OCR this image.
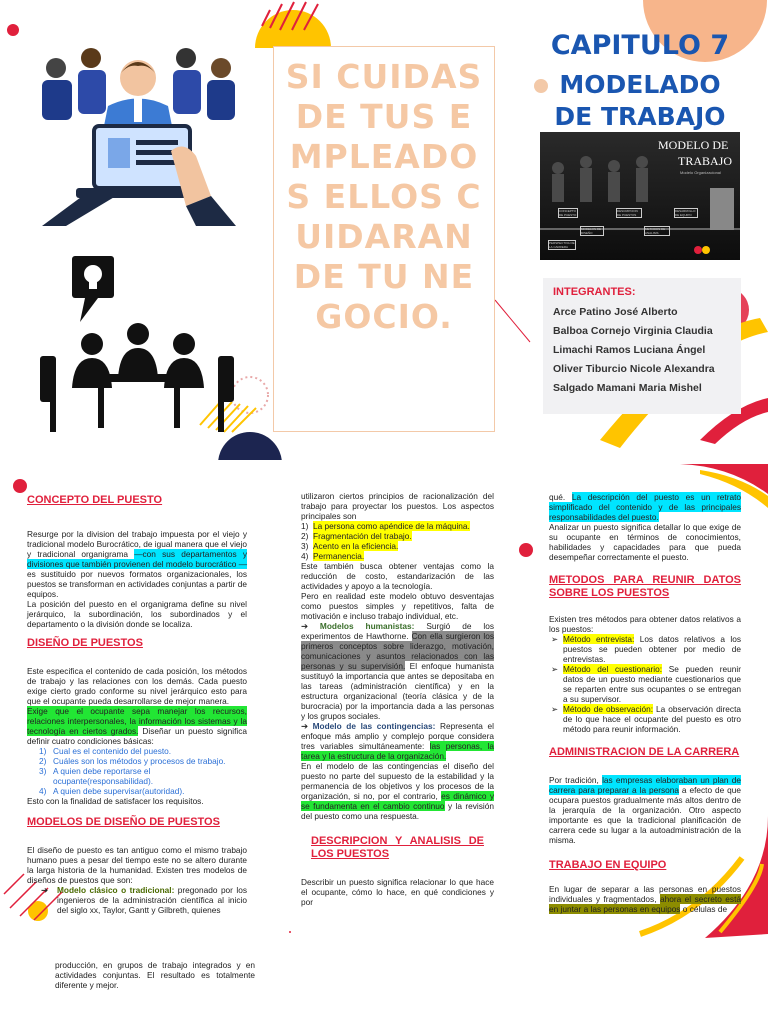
SI CUIDAS DE TUS EMPLEADOS ELLOS CUIDARAN DE TU NEGOCIO.
CAPITULO 7
MODELADO
DE TRABAJO
MODELO DE
TRABAJO
Modelo Organizacional
CONCEPTO DE PUESTO
DESCRIPCION DE PUESTOS
DESARROLLO DE EQUIPO
MODELOS DE DISEÑO
METODOS DE ANALISIS
PERSPECTIVA DE LA CARRERA
INTEGRANTES:
Arce Patino José Alberto
Balboa Cornejo Virginia Claudia
Limachi Ramos Luciana Ángel
Oliver Tiburcio Nicole Alexandra
Salgado Mamani Maria Mishel

CONCEPTO DEL PUESTO

Resurge por la division del trabajo impuesta por el viejo y tradicional modelo Burocrático, de igual manera que el viejo y tradicional organigrama —con sus departamentos y divisiones que también provienen del modelo burocrático —es sustituido por nuevos formatos organizacionales, los puestos se transforman en actividades conjuntas a partir de equipos.

La posición del puesto en el organigrama define su nivel jerárquico, la subordinación, los subordinados y el departamento o la división donde se localiza.

DISEÑO DE PUESTOS

Este especifica el contenido de cada posición, los métodos de trabajo y las relaciones con los demás. Cada puesto exige cierto grado conforme su nivel jerárquico esto para que el ocupante pueda desarrollarse de mejor manera.

Exige que el ocupante sepa manejar los recursos, relaciones interpersonales, la información los sistemas y la tecnología en ciertos grados. Diseñar un puesto significa definir cuatro condiciones básicas:

1) Cual es el contenido del puesto.
2) Cuáles son los métodos y procesos de trabajo.
3) A quien debe reportarse el ocupante(responsabilidad).
4) A quien debe supervisar(autoridad).

Esto con la finalidad de satisfacer los requisitos.

MODELOS DE DISEÑO DE PUESTOS

El diseño de puesto es tan antiguo como el mismo trabajo humano pues a pesar del tiempo este no se altero durante la larga historia de la humanidad. Existen tres modelos de diseños de puestos que son:

➔ Modelo clásico o tradicional: pregonado por los ingenieros de la administración científica al inicio del siglo xx, Taylor, Gantt y Gilbreth, quienes

utilizaron ciertos principios de racionalización del trabajo para proyectar los puestos. Los aspectos principales son

1) La persona como apéndice de la máquina.
2) Fragmentación del trabajo.
3) Acento en la eficiencia.
4) Permanencia.

Este también busca obtener ventajas como la reducción de costo, estandarización de las actividades y apoyo a la tecnología.

Pero en realidad este modelo obtuvo desventajas como puestos simples y repetitivos, falta de motivación e incluso trabajo individual, etc.

➔ Modelos humanistas: Surgió de los experimentos de Hawthorne. Con ella surgieron los primeros conceptos sobre liderazgo, motivación, comunicaciones y asuntos relacionados con las personas y su supervisión. El enfoque humanista sustituyó la importancia que antes se depositaba en las tareas (administración científica) y en la estructura organizacional (teoría clásica y de la burocracia) por la importancia dada a las personas y los grupos sociales.

➔ Modelo de las contingencias: Representa el enfoque más amplio y complejo porque considera tres variables simultáneamente: las personas, la tarea y la estructura de la organización.

En el modelo de las contingencias el diseño del puesto no parte del supuesto de la estabilidad y la permanencia de los objetivos y los procesos de la organización, si no, por el contrario, es dinámico y se fundamenta en el cambio continuo y la revisión del puesto como una respuesta.

DESCRIPCION Y ANALISIS DE LOS PUESTOS

Describir un puesto significa relacionar lo que hace el ocupante, cómo lo hace, en qué condiciones y por

qué. La descripción del puesto es un retrato simplificado del contenido y de las principales responsabilidades del puesto.

Analizar un puesto significa detallar lo que exige de su ocupante en términos de conocimientos, habilidades y capacidades para que pueda desempeñar correctamente el puesto.

METODOS PARA REUNIR DATOS SOBRE LOS PUESTOS

Existen tres métodos para obtener datos relativos a los puestos:

➢ Método entrevista: Los datos relativos a los puestos se pueden obtener por medio de entrevistas.

➢ Método del cuestionario: Se pueden reunir datos de un puesto mediante cuestionarios que se reparten entre sus ocupantes o se entregan a su supervisor.

➢ Método de observación: La observación directa de lo que hace el ocupante del puesto es otro método para reunir información.

ADMINISTRACION DE LA CARRERA

Por tradición, las empresas elaboraban un plan de carrera para preparar a la persona a efecto de que ocupara puestos gradualmente más altos dentro de la jerarquía de la organización. Otro aspecto importante es que la tradicional planificación de carrera cede su lugar a la autoadministración de la misma.

TRABAJO EN EQUIPO

En lugar de separar a las personas en puestos individuales y fragmentados, ahora el secreto está en juntar a las personas en equipos o células de

producción, en grupos de trabajo integrados y en actividades conjuntas. El resultado es totalmente diferente y mejor.
